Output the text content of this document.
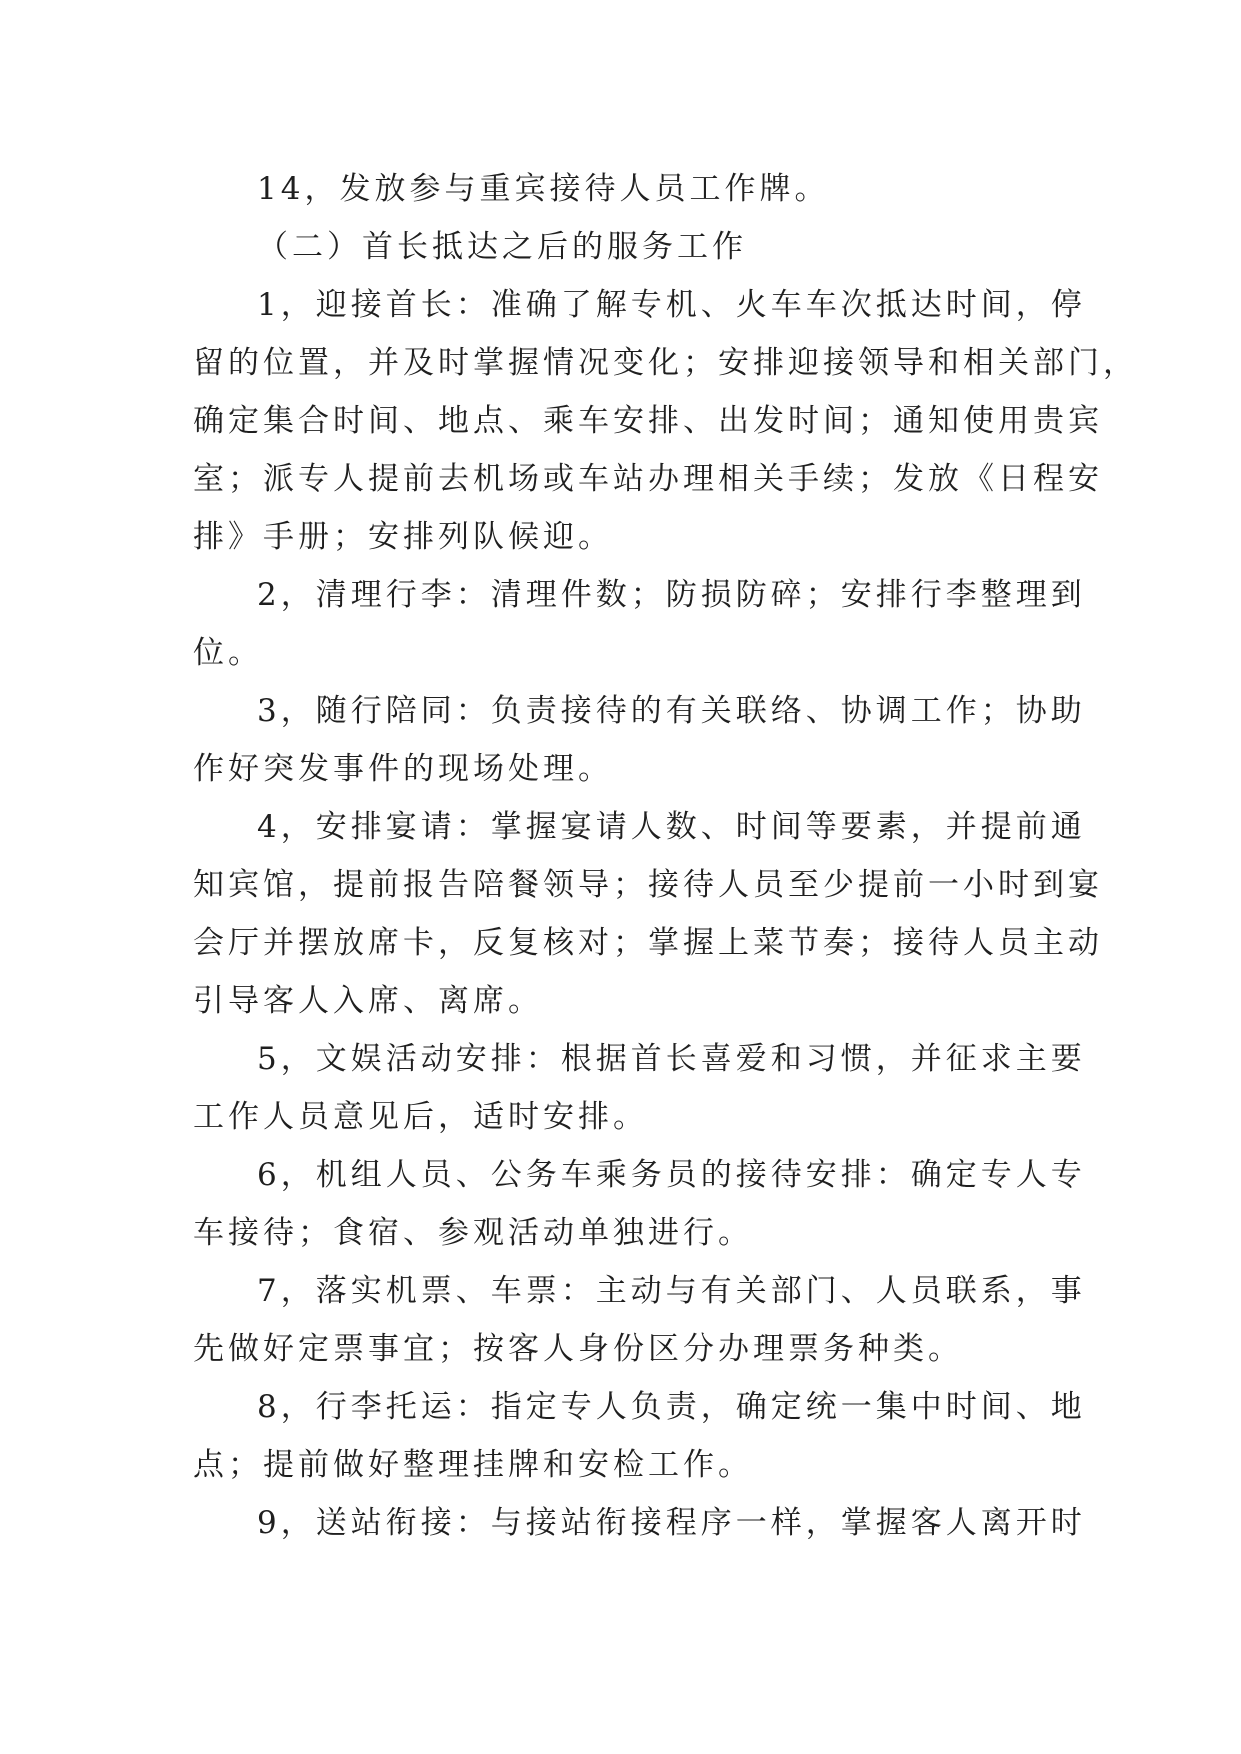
14，发放参与重宾接待人员工作牌。
（二）首长抵达之后的服务工作
1，迎接首长：准确了解专机、火车车次抵达时间，停
留的位置，并及时掌握情况变化；安排迎接领导和相关部门，
确定集合时间、地点、乘车安排、出发时间；通知使用贵宾
室；派专人提前去机场或车站办理相关手续；发放《日程安
排》手册；安排列队候迎。
2，清理行李：清理件数；防损防碎；安排行李整理到
位。
3，随行陪同：负责接待的有关联络、协调工作；协助
作好突发事件的现场处理。
4，安排宴请：掌握宴请人数、时间等要素，并提前通
知宾馆，提前报告陪餐领导；接待人员至少提前一小时到宴
会厅并摆放席卡，反复核对；掌握上菜节奏；接待人员主动
引导客人入席、离席。
5，文娱活动安排：根据首长喜爱和习惯，并征求主要
工作人员意见后，适时安排。
6，机组人员、公务车乘务员的接待安排：确定专人专
车接待；食宿、参观活动单独进行。
7，落实机票、车票：主动与有关部门、人员联系，事
先做好定票事宜；按客人身份区分办理票务种类。
8，行李托运：指定专人负责，确定统一集中时间、地
点；提前做好整理挂牌和安检工作。
9，送站衔接：与接站衔接程序一样，掌握客人离开时
